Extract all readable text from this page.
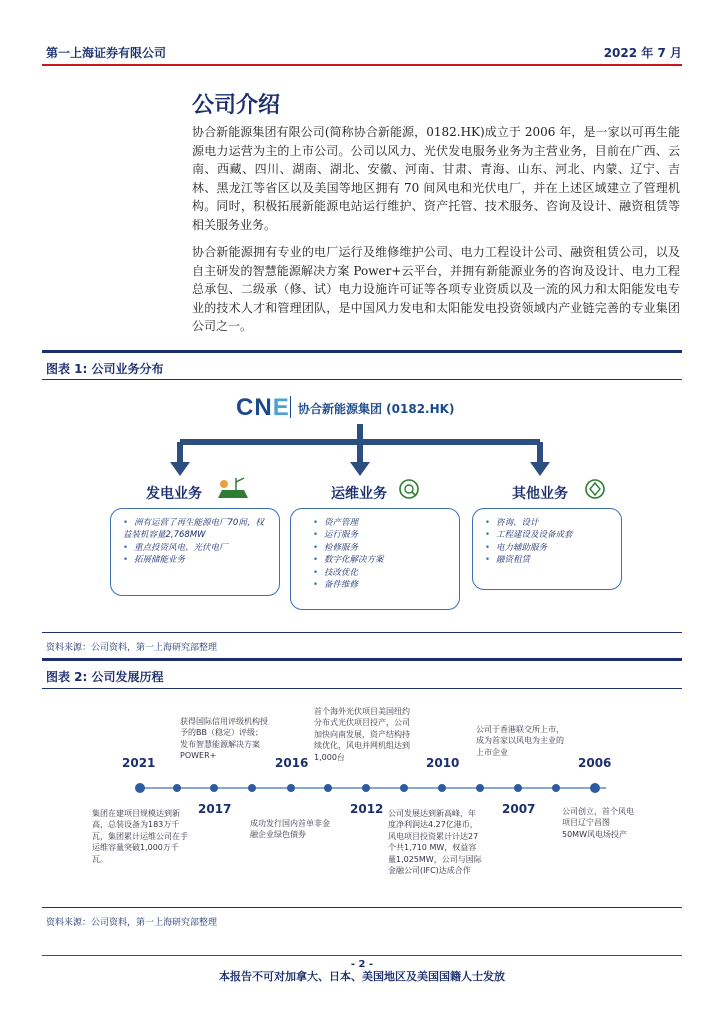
第一上海证券有限公司	2022 年 7 月
公司介绍
协合新能源集团有限公司(简称协合新能源，0182.HK)成立于 2006 年，是一家以可再生能源电力运营为主的上市公司。公司以风力、光伏发电服务业务为主营业务，目前在广西、云南、西藏、四川、湖南、湖北、安徽、河南、甘肃、青海、山东、河北、内蒙、辽宁、吉林、黑龙江等省区以及美国等地区拥有 70 间风电和光伏电厂，并在上述区域建立了管理机构。同时，积极拓展新能源电站运行维护、资产托管、技术服务、咨询及设计、融资租赁等相关服务业务。
协合新能源拥有专业的电厂运行及维修维护公司、电力工程设计公司、融资租赁公司，以及自主研发的智慧能源解决方案 Power+云平台，并拥有新能源业务的咨询及设计、电力工程总承包、二级承（修、试）电力设施许可证等各项专业资质以及一流的风力和太阳能发电专业的技术人才和管理团队，是中国风力发电和太阳能发电投资领域内产业链完善的专业集团公司之一。
图表 1: 公司业务分布
CNE 协合新能源集团 (0182.HK)
发电业务	运维业务	其他业务
• 洲有运营了再生能源电厂70间，权益装机容量2,768MW
• 重点投资风电、光伏电厂
• 拓展储能业务
• 资产管理
• 运行服务
• 检修服务
• 数字化解决方案
• 技改优化
• 备件维修
• 咨询、设计
• 工程建设及设备成套
• 电力辅助服务
• 融资租赁
资料来源：公司资料，第一上海研究部整理
图表 2: 公司发展历程
2021
2017
2016
2012
2010
2007
2006
集团在建项目规模达到新高，总装设备为183万千瓦，集团累计运维公司在手运维容量突破1,000万千瓦。
获得国际信用评级机构授予的BB（稳定）评级；发布智慧能源解决方案POWER+
成功发行国内首单非金融企业绿色债券
首个海外光伏项目美国纽约分布式光伏项目投产，公司加快向南发展，资产结构持续优化，风电并网机组达到1,000台
公司发展达到新高峰，年度净利润达4.27亿港币，风电项目投资累计计达27个共1,710 MW，权益容量1,025MW，公司与国际金融公司(IFC)达成合作
公司于香港联交所上市，成为首家以风电为主业的上市企业
公司创立，首个风电项目辽宁昌图50MW风电场投产
资料来源：公司资料，第一上海研究部整理
- 2 -
本报告不可对加拿大、日本、美国地区及美国国籍人士发放
